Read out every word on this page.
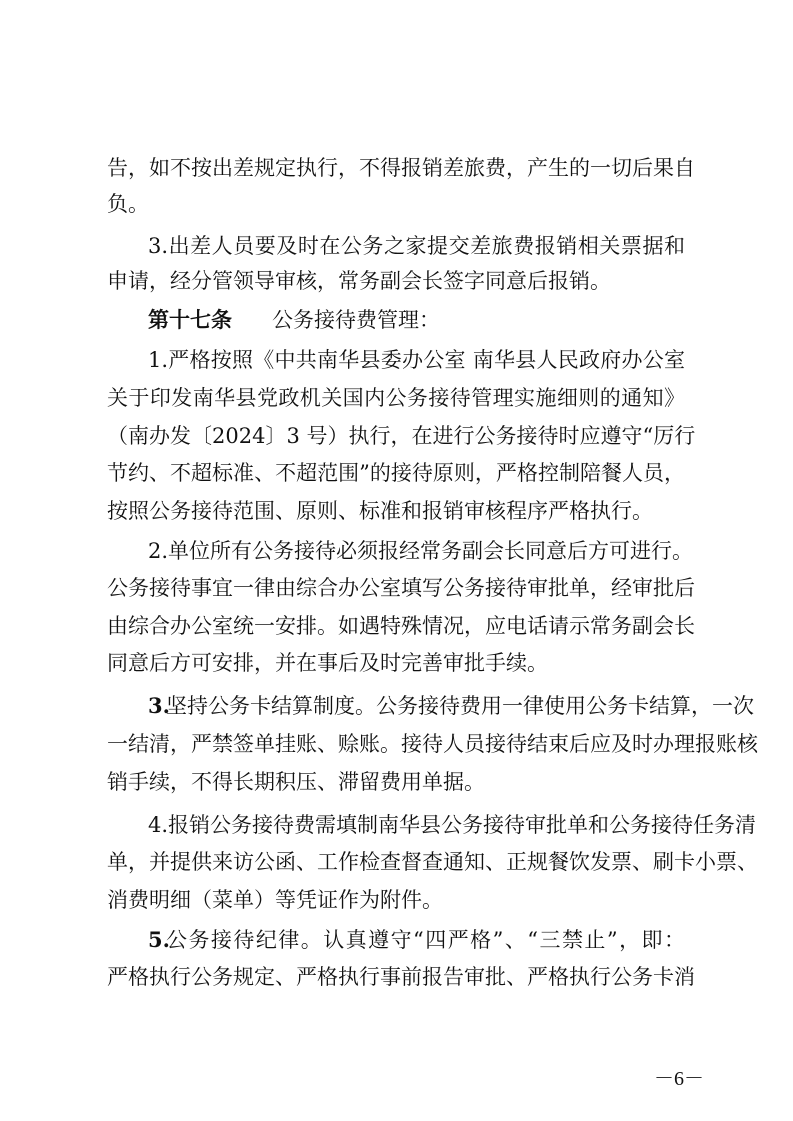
告，如不按出差规定执行，不得报销差旅费，产生的一切后果自
负。
3.出差人员要及时在公务之家提交差旅费报销相关票据和
申请，经分管领导审核，常务副会长签字同意后报销。
第十七条 公务接待费管理：
1.严格按照《中共南华县委办公室 南华县人民政府办公室
关于印发南华县党政机关国内公务接待管理实施细则的通知》
（南办发〔2024〕3 号）执行，在进行公务接待时应遵守“厉行
节约、不超标准、不超范围”的接待原则，严格控制陪餐人员，
按照公务接待范围、原则、标准和报销审核程序严格执行。
2.单位所有公务接待必须报经常务副会长同意后方可进行。
公务接待事宜一律由综合办公室填写公务接待审批单，经审批后
由综合办公室统一安排。如遇特殊情况，应电话请示常务副会长
同意后方可安排，并在事后及时完善审批手续。
3.
坚持公务卡结算制度。公务接待费用一律使用公务卡结算，一次
一结清，严禁签单挂账、赊账。接待人员接待结束后应及时办理报账核
销手续，不得长期积压、滞留费用单据。
4.报销公务接待费需填制南华县公务接待审批单和公务接待任务清
单，并提供来访公函、工作检查督查通知、正规餐饮发票、刷卡小票、
消费明细（菜单）等凭证作为附件。
5.
公务接待纪律。认真遵守“四严格”、“三禁止”，即：
严格执行公务规定、严格执行事前报告审批、严格执行公务卡消
－6－
